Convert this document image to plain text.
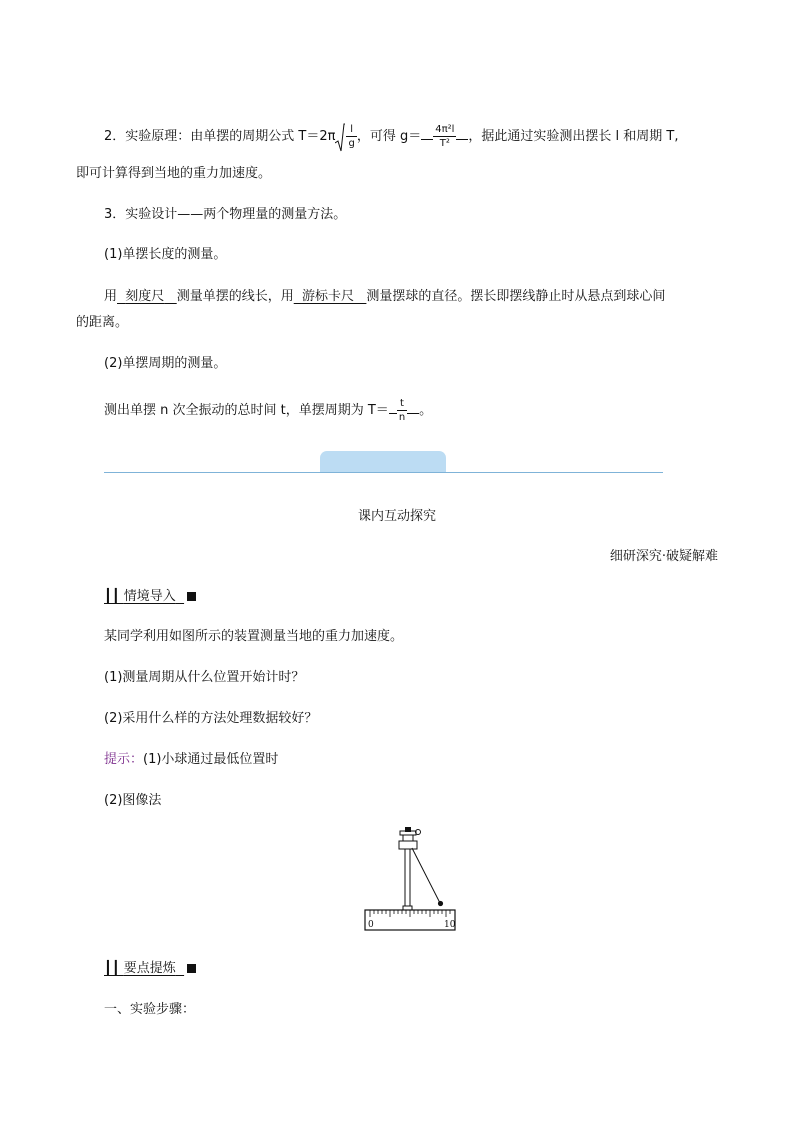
2．实验原理：由单摆的周期公式 $T=2\pi \frac{l}{g}$ ，可得 $g= \frac{\text{4π²l}}{\text{T²}}$ ，据此通过实验测出摆长 l 和周期 T,
即可计算得到当地的重力加速度。
3．实验设计——两个物理量的测量方法。
(1)单摆长度的测量。
用 刻度尺 测量单摆的线长，用 游标卡尺 测量摆球的直径。摆长即摆线静止时从悬点到球心间
的距离。
(2)单摆周期的测量。
测出单摆 n 次全振动的总时间 t，单摆周期为 $T= \frac{t}{n}$ 。
课内互动探究
细研深究·破疑解难
┃┃ 情境导入
某同学利用如图所示的装置测量当地的重力加速度。
(1)测量周期从什么位置开始计时？
(2)采用什么样的方法处理数据较好？
提示：(1)小球通过最低位置时
(2)图像法
0	10
┃┃ 要点提炼
一、实验步骤：
